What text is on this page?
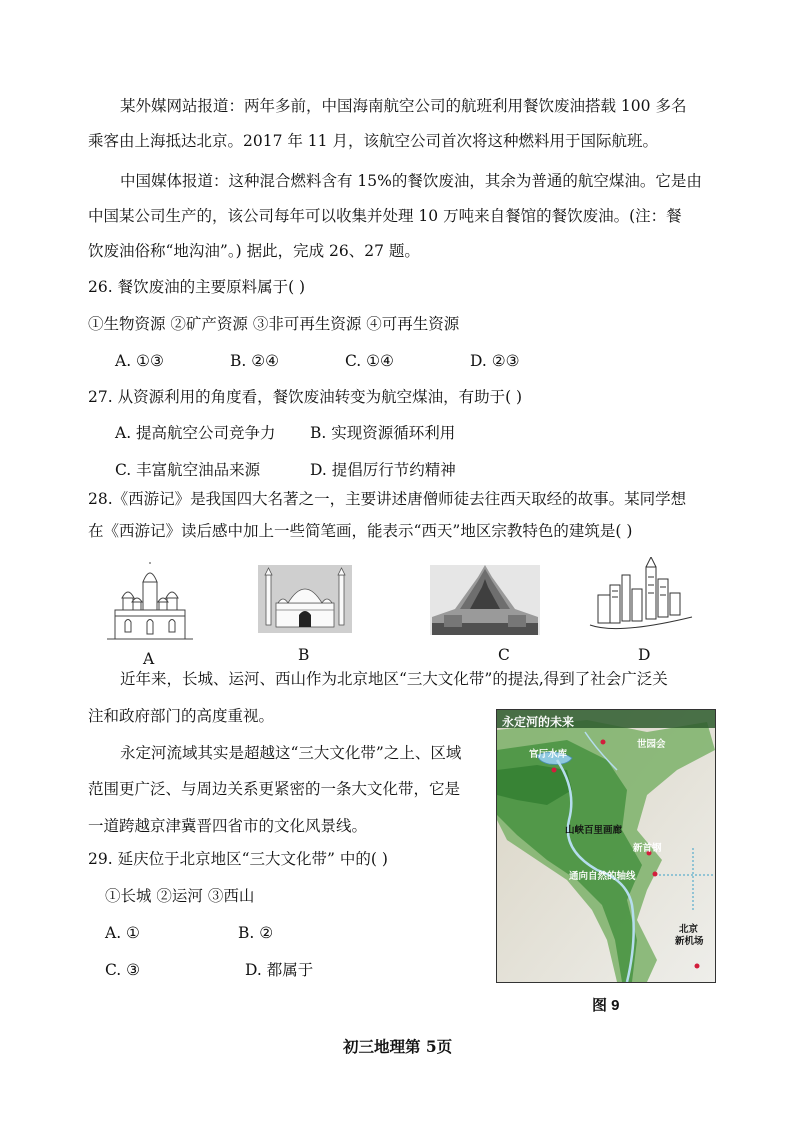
某外媒网站报道：两年多前，中国海南航空公司的航班利用餐饮废油搭载 100 多名
乘客由上海抵达北京。2017 年 11 月，该航空公司首次将这种燃料用于国际航班。
中国媒体报道：这种混合燃料含有 15%的餐饮废油，其余为普通的航空煤油。它是由
中国某公司生产的，该公司每年可以收集并处理 10 万吨来自餐馆的餐饮废油。(注：餐
饮废油俗称“地沟油”。) 据此，完成 26、27 题。
26. 餐饮废油的主要原料属于( )
①生物资源 ②矿产资源 ③非可再生资源 ④可再生资源
A. ①③	B. ②④	C. ①④	D. ②③
27. 从资源利用的角度看，餐饮废油转变为航空煤油，有助于( )
A. 提高航空公司竞争力 B. 实现资源循环利用
C. 丰富航空油品来源	D. 提倡厉行节约精神
28.《西游记》是我国四大名著之一，主要讲述唐僧师徒去往西天取经的故事。某同学想
在《西游记》读后感中加上一些简笔画，能表示“西天”地区宗教特色的建筑是( )
A	B	C	D
近年来，长城、运河、西山作为北京地区“三大文化带”的提法,得到了社会广泛关
注和政府部门的高度重视。
永定河流域其实是超越这“三大文化带”之上、区域
范围更广泛、与周边关系更紧密的一条大文化带，它是
一道跨越京津冀晋四省市的文化风景线。
29. 延庆位于北京地区“三大文化带” 中的( )
①长城 ②运河 ③西山
A. ①	B. ②
C. ③	D. 都属于
永定河的未来
官厅水库
世园会
山峡百里画廊
新首钢
通向自然的轴线
北京
新机场
图 9
初三地理第 5页
